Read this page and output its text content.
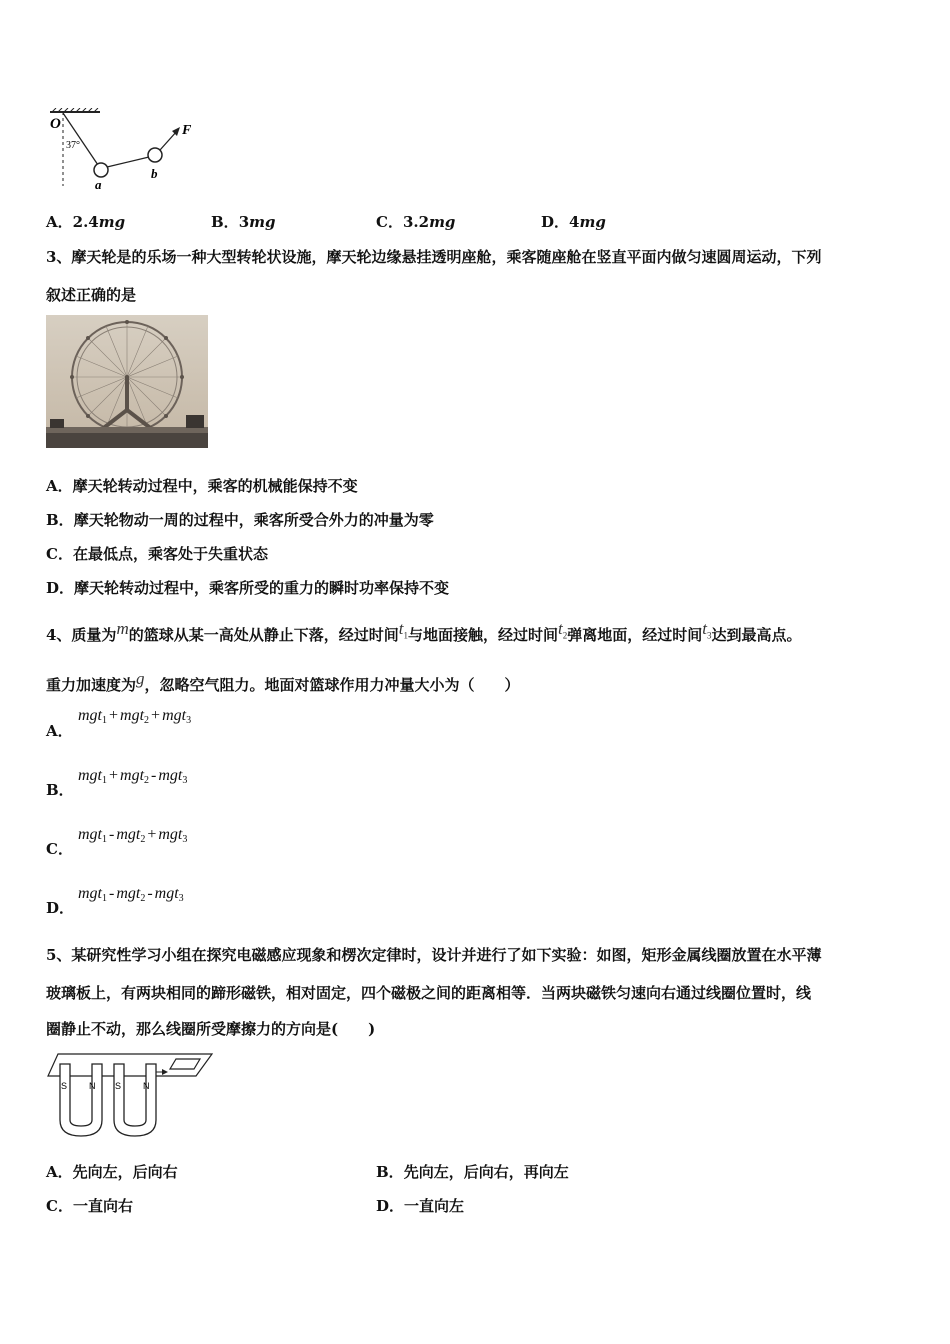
O
37°
a
b
F
A．2.4mg	B．3mg	C．3.2mg	D．4mg
3、摩天轮是的乐场一种大型转轮状设施，摩天轮边缘悬挂透明座舱，乘客随座舱在竖直平面内做匀速圆周运动，下列
叙述正确的是
A．摩天轮转动过程中，乘客的机械能保持不变
B．摩天轮物动一周的过程中，乘客所受合外力的冲量为零
C．在最低点，乘客处于失重状态
D．摩天轮转动过程中，乘客所受的重力的瞬时功率保持不变
4、质量为m的篮球从某一高处从静止下落，经过时间$t_1$与地面接触，经过时间$t_2$弹离地面，经过时间$t_3$达到最高点。
重力加速度为g，忽略空气阻力。地面对篮球作用力冲量大小为（　　）
A．
mgt$_1$ + mgt$_2$ + mgt$_3$
B．
mgt$_1$ + mgt$_2$ - mgt$_3$
C．
mgt$_1$ - mgt$_2$ + mgt$_3$
D．
mgt$_1$ - mgt$_2$ - mgt$_3$
5、某研究性学习小组在探究电磁感应现象和楞次定律时，设计并进行了如下实验：如图，矩形金属线圈放置在水平薄
玻璃板上，有两块相同的蹄形磁铁，相对固定，四个磁极之间的距离相等．当两块磁铁匀速向右通过线圈位置时，线
圈静止不动，那么线圈所受摩擦力的方向是(　　)
S N S N
A．先向左，后向右	B．先向左，后向右，再向左
C．一直向右	D．一直向左
